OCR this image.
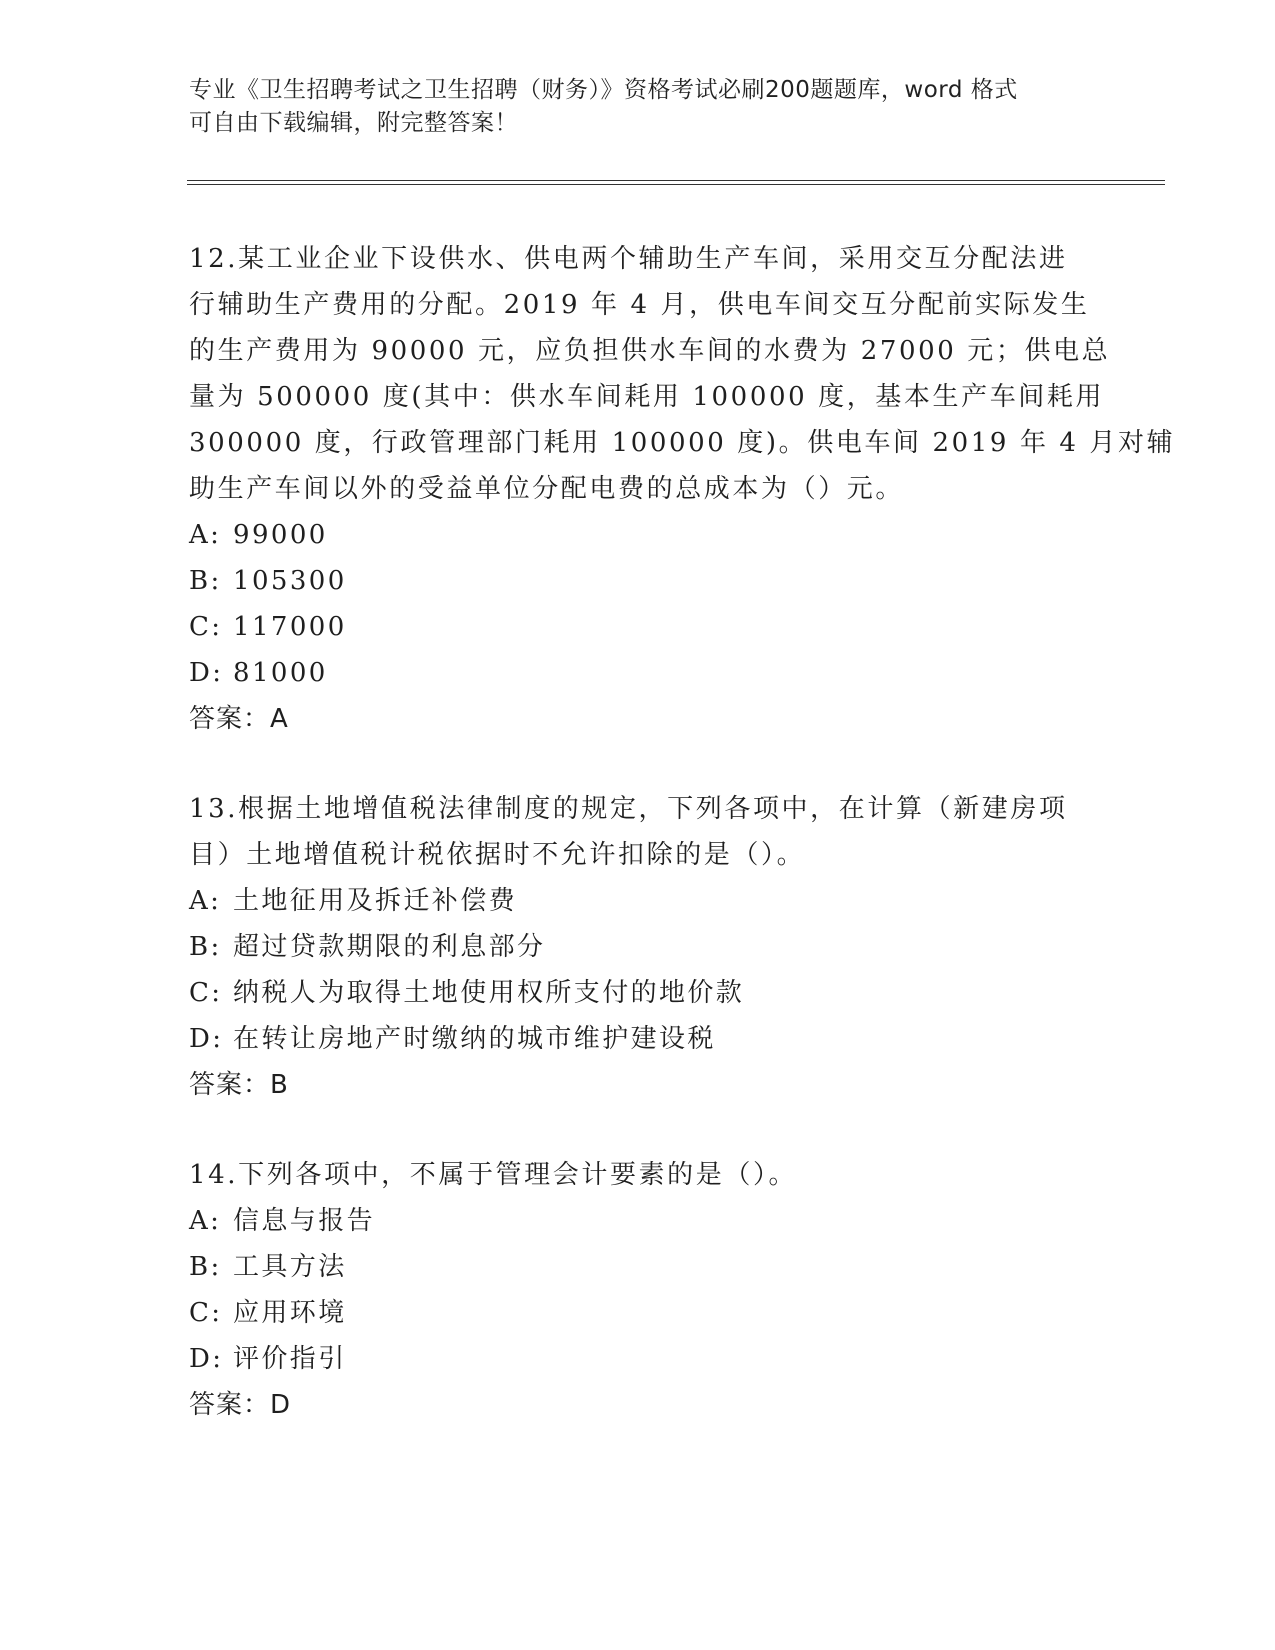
专业《卫生招聘考试之卫生招聘（财务）》资格考试必刷200题题库，word 格式
可自由下载编辑，附完整答案！
12.某工业企业下设供水、供电两个辅助生产车间，采用交互分配法进
行辅助生产费用的分配。2019 年 4 月，供电车间交互分配前实际发生
的生产费用为 90000 元，应负担供水车间的水费为 27000 元；供电总
量为 500000 度(其中：供水车间耗用 100000 度，基本生产车间耗用
300000 度，行政管理部门耗用 100000 度)。供电车间 2019 年 4 月对辅
助生产车间以外的受益单位分配电费的总成本为（）元。
A: 99000
B: 105300
C: 117000
D: 81000
答案：A
13.根据土地增值税法律制度的规定，下列各项中，在计算（新建房项
目）土地增值税计税依据时不允许扣除的是（）。
A: 土地征用及拆迁补偿费
B: 超过贷款期限的利息部分
C: 纳税人为取得土地使用权所支付的地价款
D: 在转让房地产时缴纳的城市维护建设税
答案：B
14.下列各项中，不属于管理会计要素的是（）。
A: 信息与报告
B: 工具方法
C: 应用环境
D: 评价指引
答案：D
